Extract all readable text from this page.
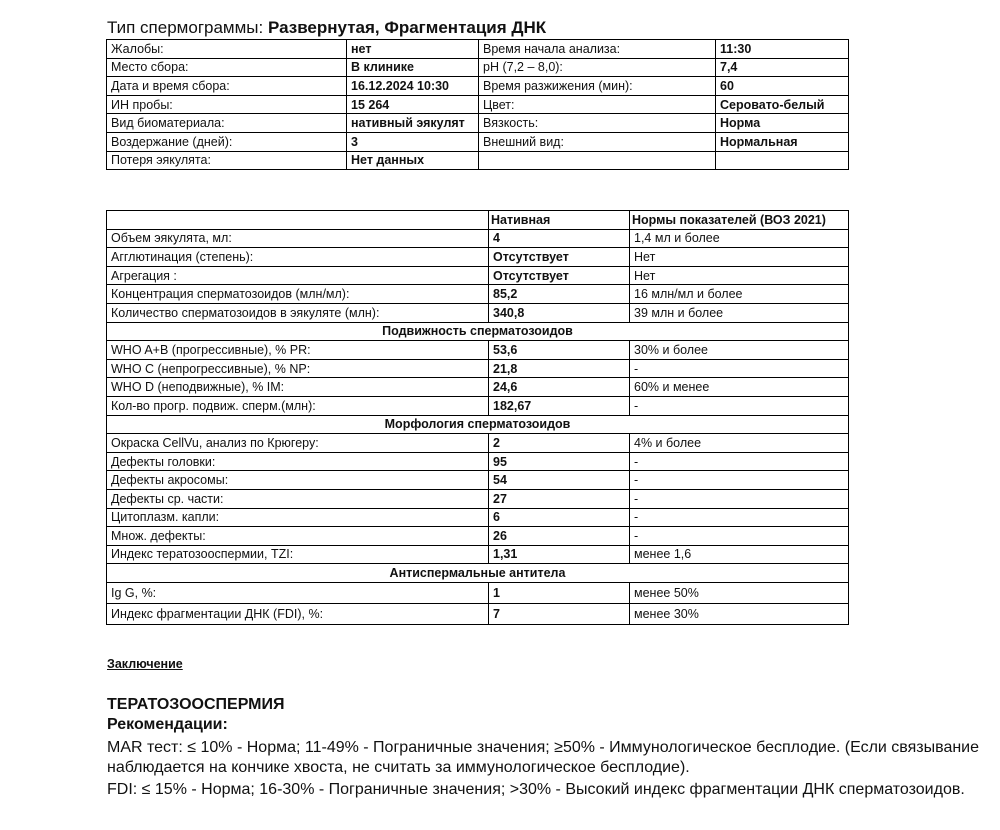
Тип спермограммы: Развернутая, Фрагментация ДНК
Жалобы:	нет	Время начала анализа:	11:30
Место сбора:	В клинике	pH (7,2 – 8,0):	7,4
Дата и время сбора:	16.12.2024 10:30	Время разжижения (мин):	60
ИН пробы:	15 264	Цвет:	Серовато-белый
Вид биоматериала:	нативный эякулят	Вязкость:	Норма
Воздержание (дней):	3	Внешний вид:	Нормальная
Потеря эякулята:	Нет данных		
	Нативная	Нормы показателей (ВОЗ 2021)
Объем эякулята, мл:	4	1,4 мл и более
Агглютинация (степень):	Отсутствует	Нет
Агрегация :	Отсутствует	Нет
Концентрация сперматозоидов (млн/мл):	85,2	16 млн/мл и более
Количество сперматозоидов в эякуляте (млн):	340,8	39 млн и более
Подвижность сперматозоидов		
WHO A+B (прогрессивные), % PR:	53,6	30% и более
WHO C (непрогрессивные), % NP:	21,8	-
WHO D (неподвижные), % IM:	24,6	60% и менее
Кол-во прогр. подвиж. сперм.(млн):	182,67	-
Морфология сперматозоидов		
Окраска CellVu, анализ по Крюгеру:	2	4% и более
Дефекты головки:	95	-
Дефекты акросомы:	54	-
Дефекты ср. части:	27	-
Цитоплазм. капли:	6	-
Множ. дефекты:	26	-
Индекс тератозооспермии, TZI:	1,31	менее 1,6
Антиспермальные антитела		
Ig G, %:	1	менее 50%
Индекс фрагментации ДНК (FDI), %:	7	менее 30%
Заключение
ТЕРАТОЗООСПЕРМИЯ
Рекомендации:

MAR тест: ≤ 10% - Норма; 11-49% - Пограничные значения; ≥50% - Иммунологическое бесплодие. (Если связывание наблюдается на кончике хвоста, не считать за иммунологическое бесплодие).

FDI: ≤ 15% - Норма; 16-30% - Пограничные значения; >30% - Высокий индекс фрагментации ДНК сперматозоидов.
